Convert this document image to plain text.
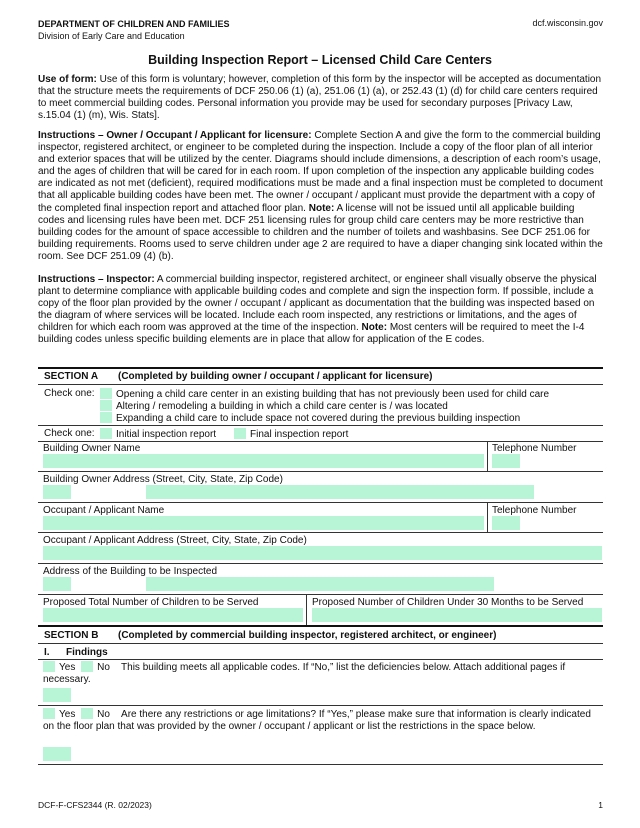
DEPARTMENT OF CHILDREN AND FAMILIES
Division of Early Care and Education
dcf.wisconsin.gov
Building Inspection Report – Licensed Child Care Centers
Use of form: Use of this form is voluntary; however, completion of this form by the inspector will be accepted as documentation that the structure meets the requirements of DCF 250.06 (1) (a), 251.06 (1) (a), or 252.43 (1) (d) for child care centers required to meet commercial building codes. Personal information you provide may be used for secondary purposes [Privacy Law, s.15.04 (1) (m), Wis. Stats].
Instructions – Owner / Occupant / Applicant for licensure: Complete Section A and give the form to the commercial building inspector, registered architect, or engineer to be completed during the inspection. Include a copy of the floor plan of all interior and exterior spaces that will be utilized by the center. Diagrams should include dimensions, a description of each room’s usage, and the ages of children that will be cared for in each room. If upon completion of the inspection any applicable building codes are indicated as not met (deficient), required modifications must be made and a final inspection must be completed to document that all applicable building codes have been met. The owner / occupant / applicant must provide the department with a copy of the completed final inspection report and attached floor plan. Note: A license will not be issued until all applicable building codes and licensing rules have been met. DCF 251 licensing rules for group child care centers may be more restrictive than building codes for the amount of space accessible to children and the number of toilets and washbasins. See DCF 251.06 for building requirements. Rooms used to serve children under age 2 are required to have a diaper changing sink located within the room. See DCF 251.09 (4) (b).
Instructions – Inspector: A commercial building inspector, registered architect, or engineer shall visually observe the physical plant to determine compliance with applicable building codes and complete and sign the inspection form. If possible, include a copy of the floor plan provided by the owner / occupant / applicant as documentation that the building was inspected based on the diagram of where services will be located. Include each room inspected, any restrictions or limitations, and the ages of children for which each room was approved at the time of the inspection. Note: Most centers will be required to meet the I-4 building codes unless specific building elements are in place that allow for application of the E codes.
SECTION A (Completed by building owner / occupant / applicant for licensure)
Check one:	Opening a child care center in an existing building that has not previously been used for child care
Altering / remodeling a building in which a child care center is / was located
Expanding a child care to include space not covered during the previous building inspection
Check one:	Initial inspection report	Final inspection report
Building Owner Name	Telephone Number
Building Owner Address (Street, City, State, Zip Code)
Occupant / Applicant Name	Telephone Number
Occupant / Applicant Address (Street, City, State, Zip Code)
Address of the Building to be Inspected
Proposed Total Number of Children to be Served	Proposed Number of Children Under 30 Months to be Served
SECTION B (Completed by commercial building inspector, registered architect, or engineer)
I. Findings
Yes No This building meets all applicable codes. If “No,” list the deficiencies below. Attach additional pages if necessary.
Yes No Are there any restrictions or age limitations? If “Yes,” please make sure that information is clearly indicated on the floor plan that was provided by the owner / occupant / applicant or list the restrictions in the space below.
DCF-F-CFS2344 (R. 02/2023)	1
